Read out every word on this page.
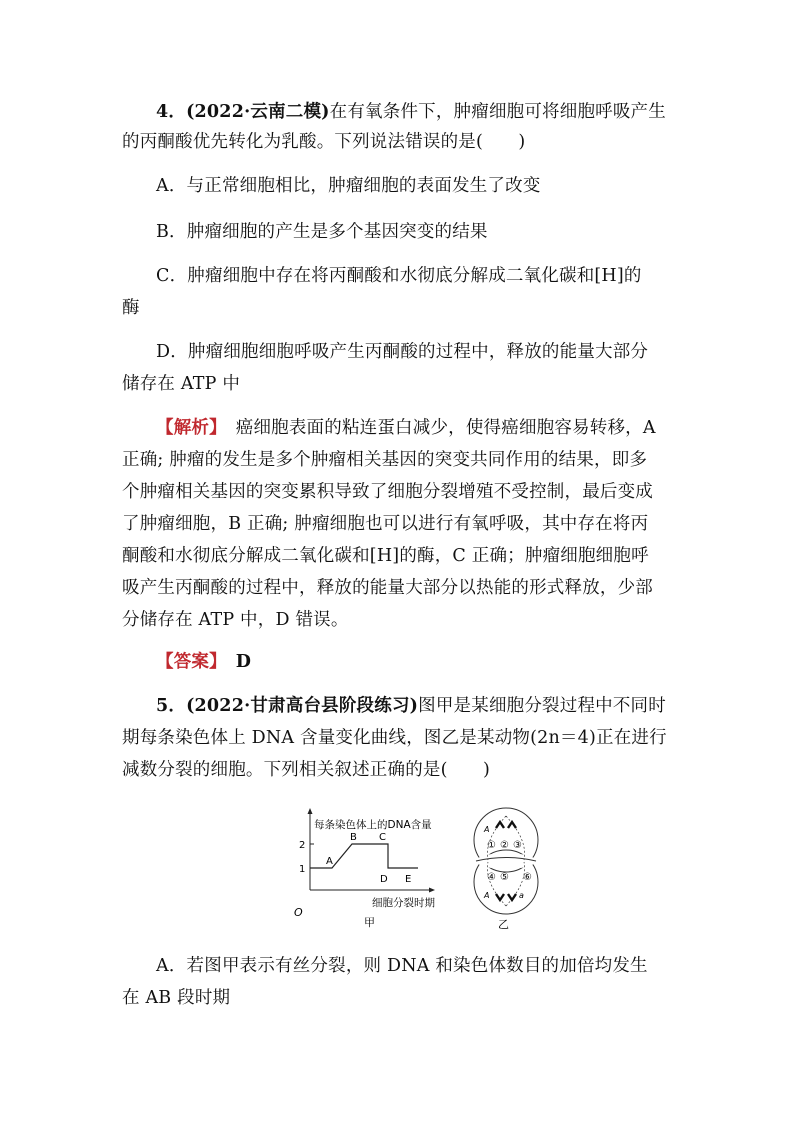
4．(2022·云南二模)在有氧条件下，肿瘤细胞可将细胞呼吸产生

的丙酮酸优先转化为乳酸。下列说法错误的是(　　)

A．与正常细胞相比，肿瘤细胞的表面发生了改变

B．肿瘤细胞的产生是多个基因突变的结果

C．肿瘤细胞中存在将丙酮酸和水彻底分解成二氧化碳和[H]的

酶

D．肿瘤细胞细胞呼吸产生丙酮酸的过程中，释放的能量大部分

储存在 ATP 中

【解析】　癌细胞表面的粘连蛋白减少，使得癌细胞容易转移，A

正确; 肿瘤的发生是多个肿瘤相关基因的突变共同作用的结果，即多

个肿瘤相关基因的突变累积导致了细胞分裂增殖不受控制，最后变成

了肿瘤细胞，B 正确; 肿瘤细胞也可以进行有氧呼吸，其中存在将丙

酮酸和水彻底分解成二氧化碳和[H]的酶，C 正确；肿瘤细胞细胞呼

吸产生丙酮酸的过程中，释放的能量大部分以热能的形式释放，少部

分储存在 ATP 中，D 错误。

【答案】　D

5．(2022·甘肃高台县阶段练习)图甲是某细胞分裂过程中不同时

期每条染色体上 DNA 含量变化曲线，图乙是某动物(2n＝4)正在进行

减数分裂的细胞。下列相关叙述正确的是(　　)

每条染色体上的DNA含量
O
2
1
A
B C
D E
细胞分裂时期
甲
A
A	a
① ② ③
④ ⑤ ⑥
乙

A．若图甲表示有丝分裂，则 DNA 和染色体数目的加倍均发生

在 AB 段时期
